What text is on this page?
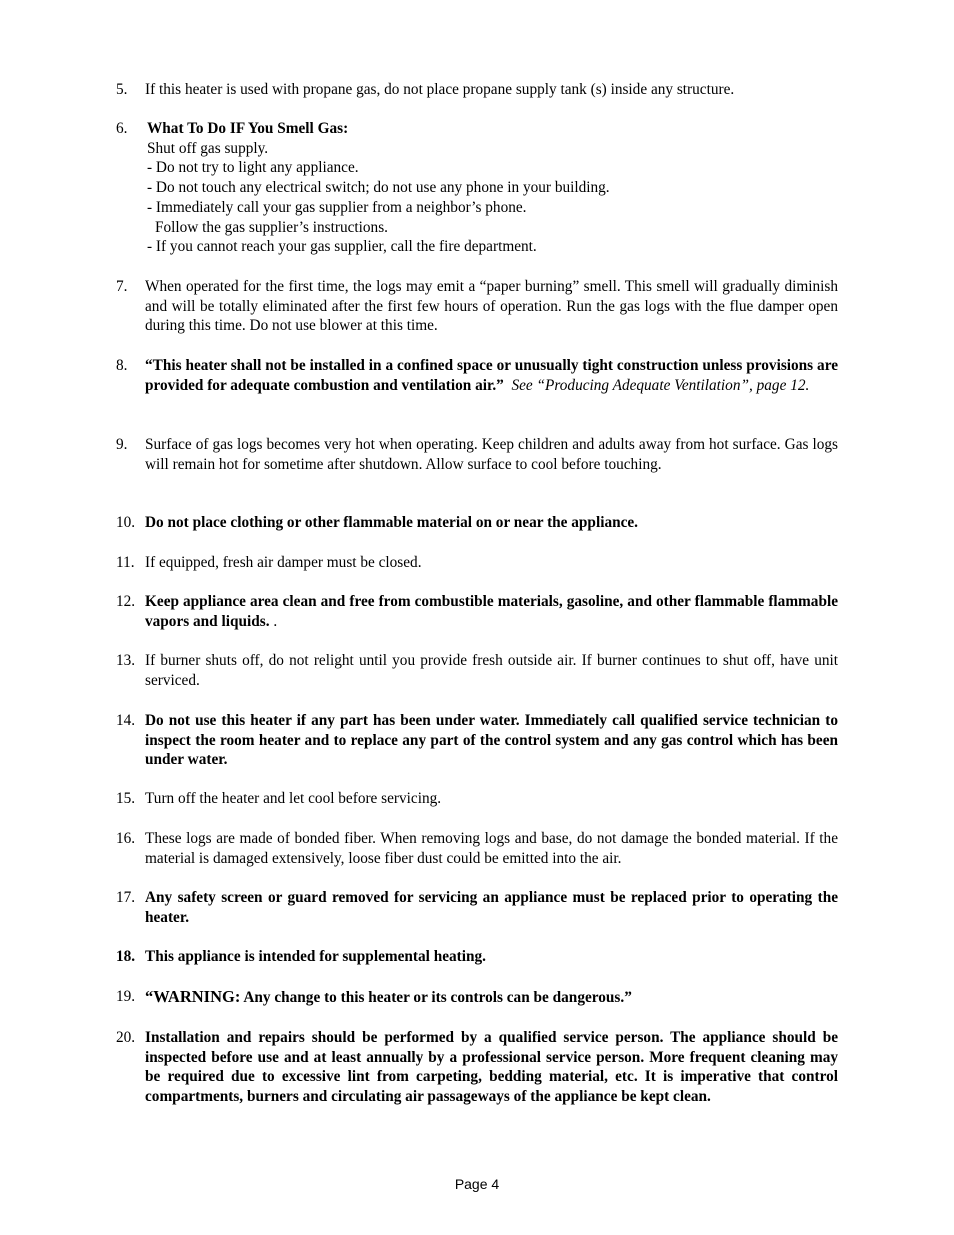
5. If this heater is used with propane gas, do not place propane supply tank (s) inside any structure.

6. What To Do IF You Smell Gas:
Shut off gas supply.
- Do not try to light any appliance.
- Do not touch any electrical switch; do not use any phone in your building.
- Immediately call your gas supplier from a neighbor’s phone.
Follow the gas supplier’s instructions.
- If you cannot reach your gas supplier, call the fire department.
7. When operated for the first time, the logs may emit a “paper burning” smell. This smell will gradually diminish and will be totally eliminated after the first few hours of operation. Run the gas logs with the flue damper open during this time. Do not use blower at this time.

8. “This heater shall not be installed in a confined space or unusually tight construction unless provisions are provided for adequate combustion and ventilation air.” See “Producing Adequate Ventilation”, page 12.

9. Surface of gas logs becomes very hot when operating. Keep children and adults away from hot surface. Gas logs will remain hot for sometime after shutdown. Allow surface to cool before touching.

10. Do not place clothing or other flammable material on or near the appliance.

11. If equipped, fresh air damper must be closed.

12. Keep appliance area clean and free from combustible materials, gasoline, and other flammable flammable vapors and liquids. .

13. If burner shuts off, do not relight until you provide fresh outside air. If burner continues to shut off, have unit serviced.

14. Do not use this heater if any part has been under water. Immediately call qualified service technician to inspect the room heater and to replace any part of the control system and any gas control which has been under water.

15. Turn off the heater and let cool before servicing.

16. These logs are made of bonded fiber. When removing logs and base, do not damage the bonded material. If the material is damaged extensively, loose fiber dust could be emitted into the air.

17. Any safety screen or guard removed for servicing an appliance must be replaced prior to operating the heater.

18. This appliance is intended for supplemental heating.

19. “WARNING: Any change to this heater or its controls can be dangerous.”

20. Installation and repairs should be performed by a qualified service person. The appliance should be inspected before use and at least annually by a professional service person. More frequent cleaning may be required due to excessive lint from carpeting, bedding material, etc. It is imperative that control compartments, burners and circulating air passageways of the appliance be kept clean.

Page 4
